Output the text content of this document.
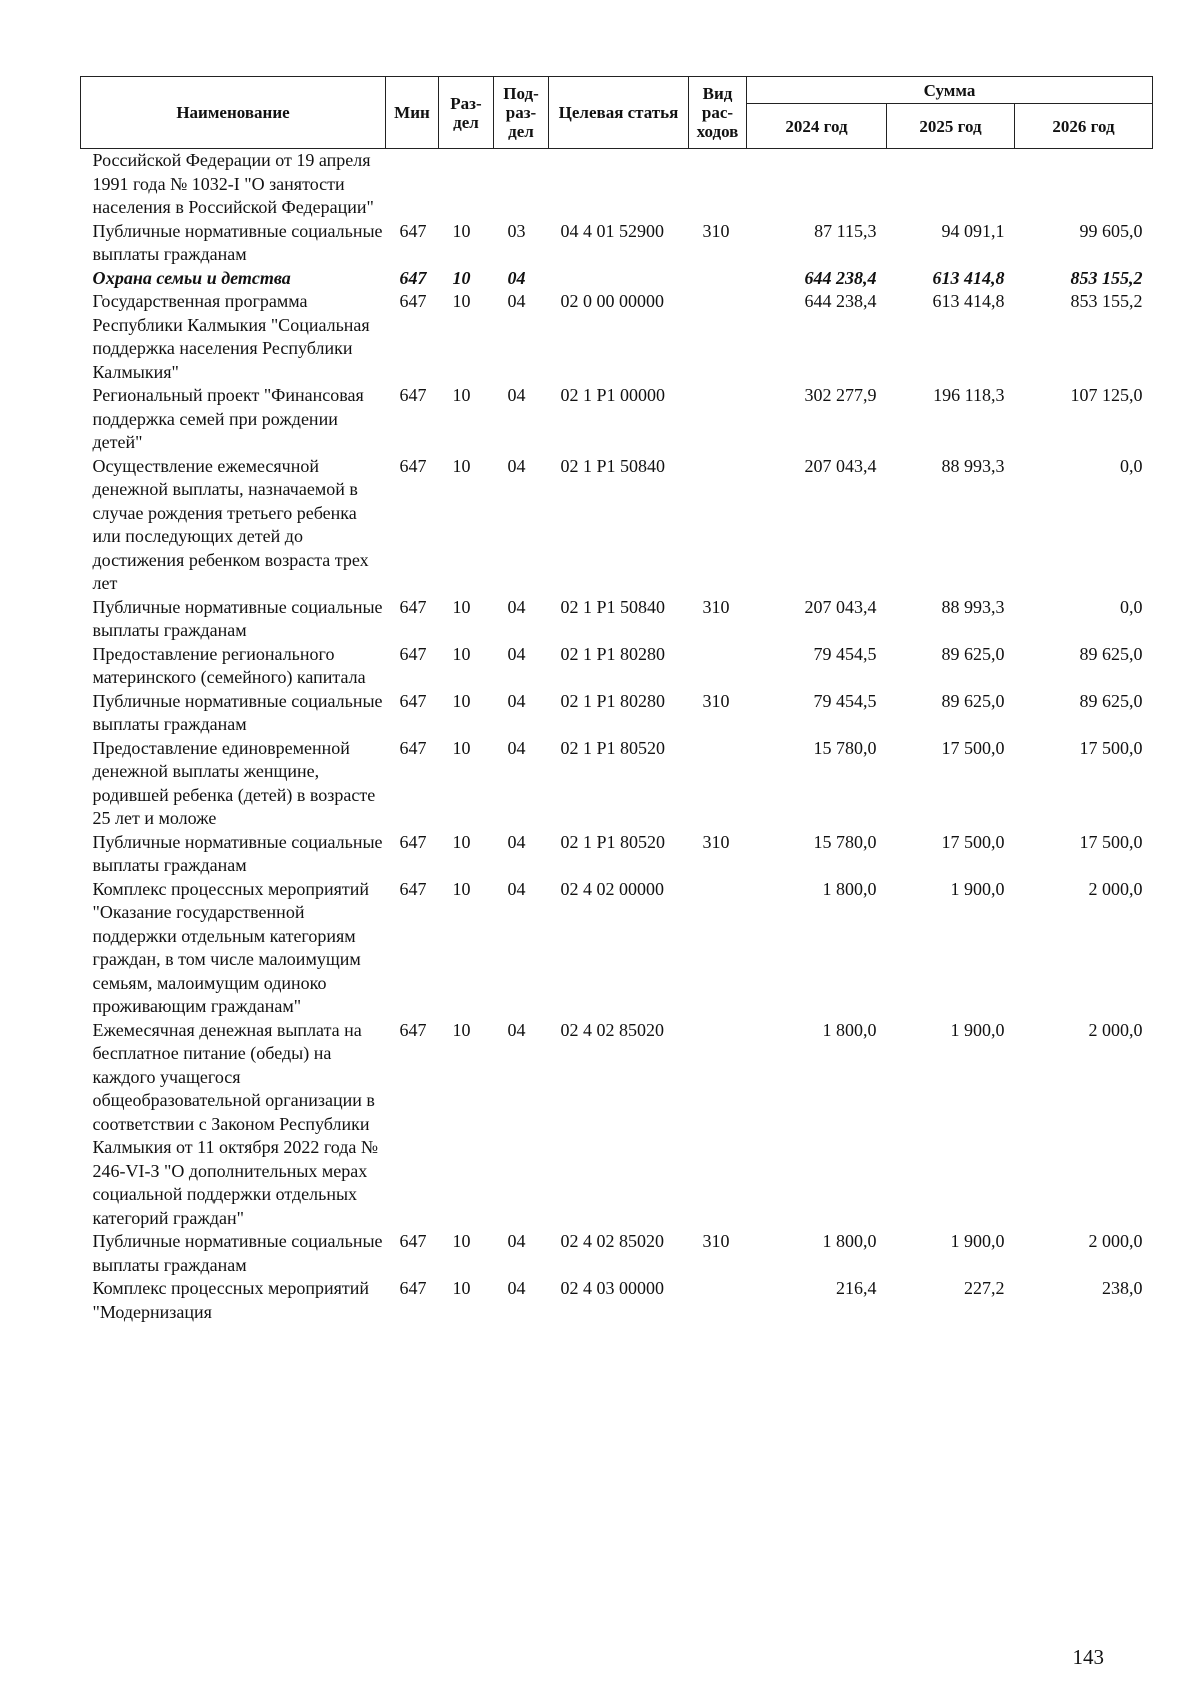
Наименование	Мин	Раз-дел	Под-раз-дел	Целевая статья	Вид рас-ходов	Сумма		
						2024 год	2025 год	2026 год
Российской Федерации от 19 апреля 1991 года № 1032-I "О занятости населения в Российской Федерации"								
Публичные нормативные социальные выплаты гражданам	647	10	03	04 4 01 52900	310	87 115,3	94 091,1	99 605,0
Охрана семьи и детства	647	10	04			644 238,4	613 414,8	853 155,2
Государственная программа Республики Калмыкия "Социальная поддержка населения Республики Калмыкия"	647	10	04	02 0 00 00000		644 238,4	613 414,8	853 155,2
Региональный проект "Финансовая поддержка семей при рождении детей"	647	10	04	02 1 P1 00000		302 277,9	196 118,3	107 125,0
Осуществление ежемесячной денежной выплаты, назначаемой в случае рождения третьего ребенка или последующих детей до достижения ребенком возраста трех лет	647	10	04	02 1 P1 50840		207 043,4	88 993,3	0,0
Публичные нормативные социальные выплаты гражданам	647	10	04	02 1 P1 50840	310	207 043,4	88 993,3	0,0
Предоставление регионального материнского (семейного) капитала	647	10	04	02 1 P1 80280		79 454,5	89 625,0	89 625,0
Публичные нормативные социальные выплаты гражданам	647	10	04	02 1 P1 80280	310	79 454,5	89 625,0	89 625,0
Предоставление единовременной денежной выплаты женщине, родившей ребенка (детей) в возрасте 25 лет и моложе	647	10	04	02 1 P1 80520		15 780,0	17 500,0	17 500,0
Публичные нормативные социальные выплаты гражданам	647	10	04	02 1 P1 80520	310	15 780,0	17 500,0	17 500,0
Комплекс процессных мероприятий "Оказание государственной поддержки отдельным категориям граждан, в том числе малоимущим семьям, малоимущим одиноко проживающим гражданам"	647	10	04	02 4 02 00000		1 800,0	1 900,0	2 000,0
Ежемесячная денежная выплата на бесплатное питание (обеды) на каждого учащегося общеобразовательной организации в соответствии с Законом Республики Калмыкия от 11 октября 2022 года № 246-VI-З "О дополнительных мерах социальной поддержки отдельных категорий граждан"	647	10	04	02 4 02 85020		1 800,0	1 900,0	2 000,0
Публичные нормативные социальные выплаты гражданам	647	10	04	02 4 02 85020	310	1 800,0	1 900,0	2 000,0
Комплекс процессных мероприятий "Модернизация	647	10	04	02 4 03 00000		216,4	227,2	238,0
143
